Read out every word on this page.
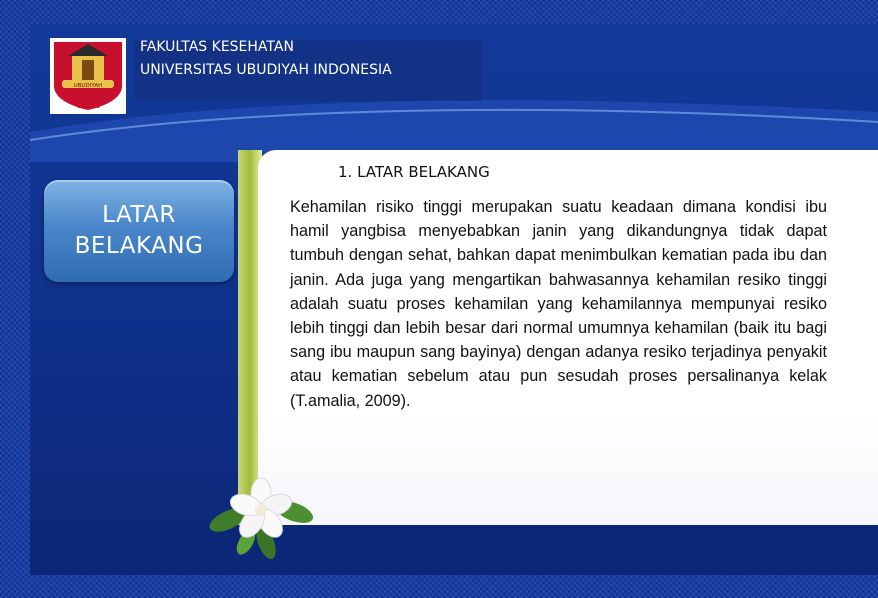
FAKULTAS KESEHATAN
UNIVERSITAS UBUDIYAH INDONESIA
UBUDIYAH
U U I
1. LATAR BELAKANG
LATAR BELAKANG
Kehamilan risiko tinggi merupakan suatu keadaan dimana kondisi ibu hamil yangbisa menyebabkan janin yang dikandungnya tidak dapat tumbuh dengan sehat, bahkan dapat menimbulkan kematian pada ibu dan janin. Ada juga yang mengartikan bahwasannya kehamilan resiko tinggi adalah suatu proses kehamilan yang kehamilannya mempunyai resiko lebih tinggi dan lebih besar dari normal umumnya kehamilan (baik itu bagi sang ibu maupun sang bayinya) dengan adanya resiko terjadinya penyakit atau kematian sebelum atau pun sesudah proses persalinanya kelak (T.amalia, 2009).
